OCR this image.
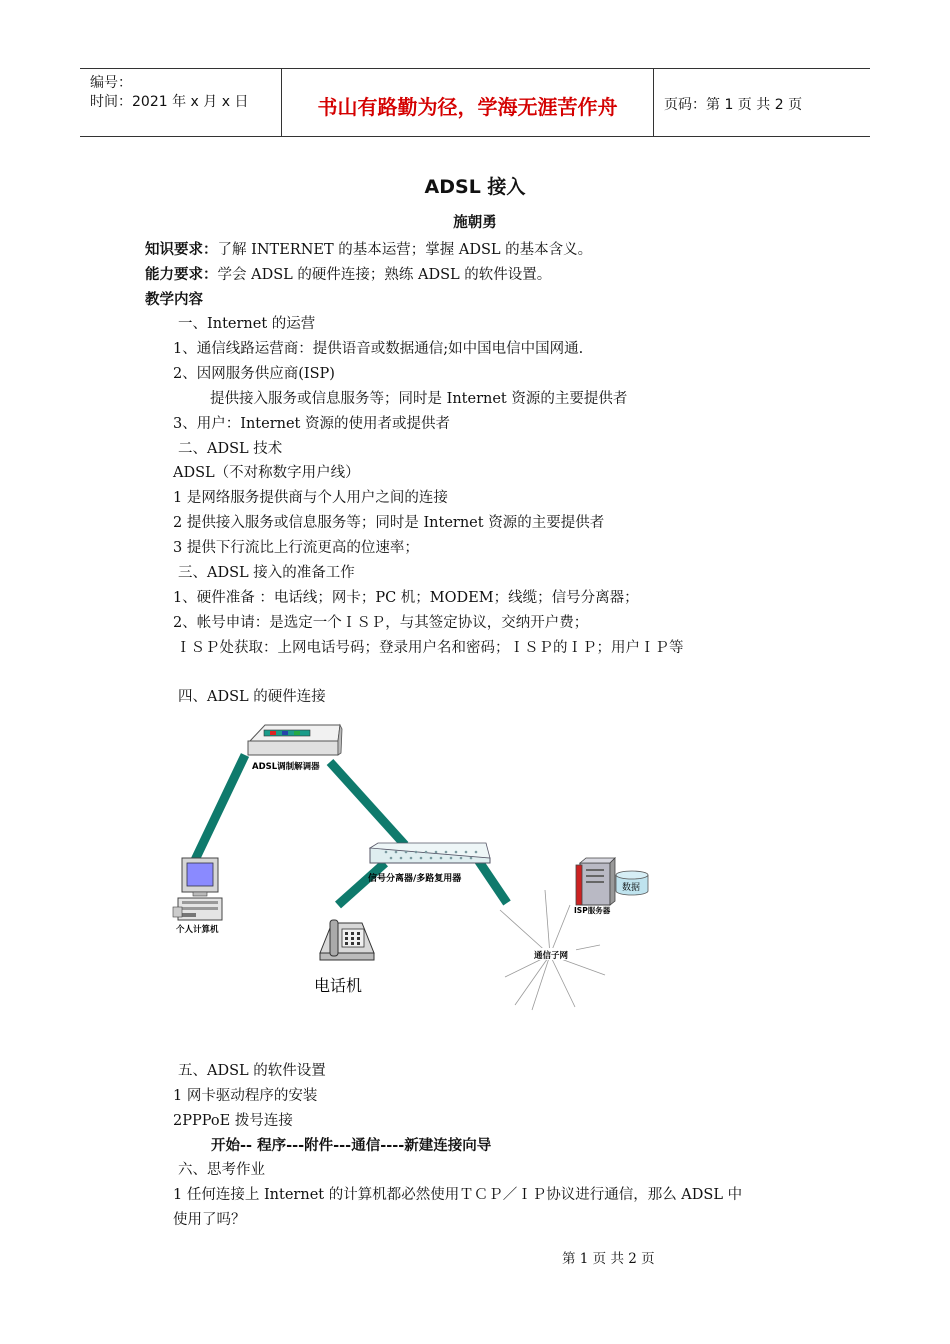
编号：
时间：2021 年 x 月 x 日	书山有路勤为径，学海无涯苦作舟	页码：第 1 页 共 2 页
ADSL 接入
施朝勇
知识要求：了解 INTERNET 的基本运营；掌握 ADSL 的基本含义。
能力要求：学会 ADSL 的硬件连接；熟练 ADSL 的软件设置。
教学内容
一、Internet 的运营
1、通信线路运营商：提供语音或数据通信;如中国电信中国网通.
2、因网服务供应商(ISP)
提供接入服务或信息服务等；同时是 Internet 资源的主要提供者
3、用户：Internet 资源的使用者或提供者
二、ADSL 技术
ADSL（不对称数字用户线）
1 是网络服务提供商与个人用户之间的连接
2 提供接入服务或信息服务等；同时是 Internet 资源的主要提供者
3 提供下行流比上行流更高的位速率；
三、ADSL 接入的准备工作
1、硬件准备 ：电话线；网卡；PC 机；MODEM；线缆；信号分离器；
2、帐号申请：是选定一个ＩＳＰ，与其签定协议，交纳开户费；
ＩＳＰ处获取：上网电话号码；登录用户名和密码；ＩＳＰ的ＩＰ；用户ＩＰ等
四、ADSL 的硬件连接
ADSL调制解调器
信号分离器/多路复用器
个人计算机
电话机
通信子网
数据
ISP服务器
五、ADSL 的软件设置
1 网卡驱动程序的安装
2PPPoE 拨号连接
开始-- 程序---附件---通信----新建连接向导
六、思考作业
1 任何连接上 Internet 的计算机都必然使用ＴＣＰ／ＩＰ协议进行通信，那么 ADSL 中
使用了吗？
第 1 页 共 2 页
